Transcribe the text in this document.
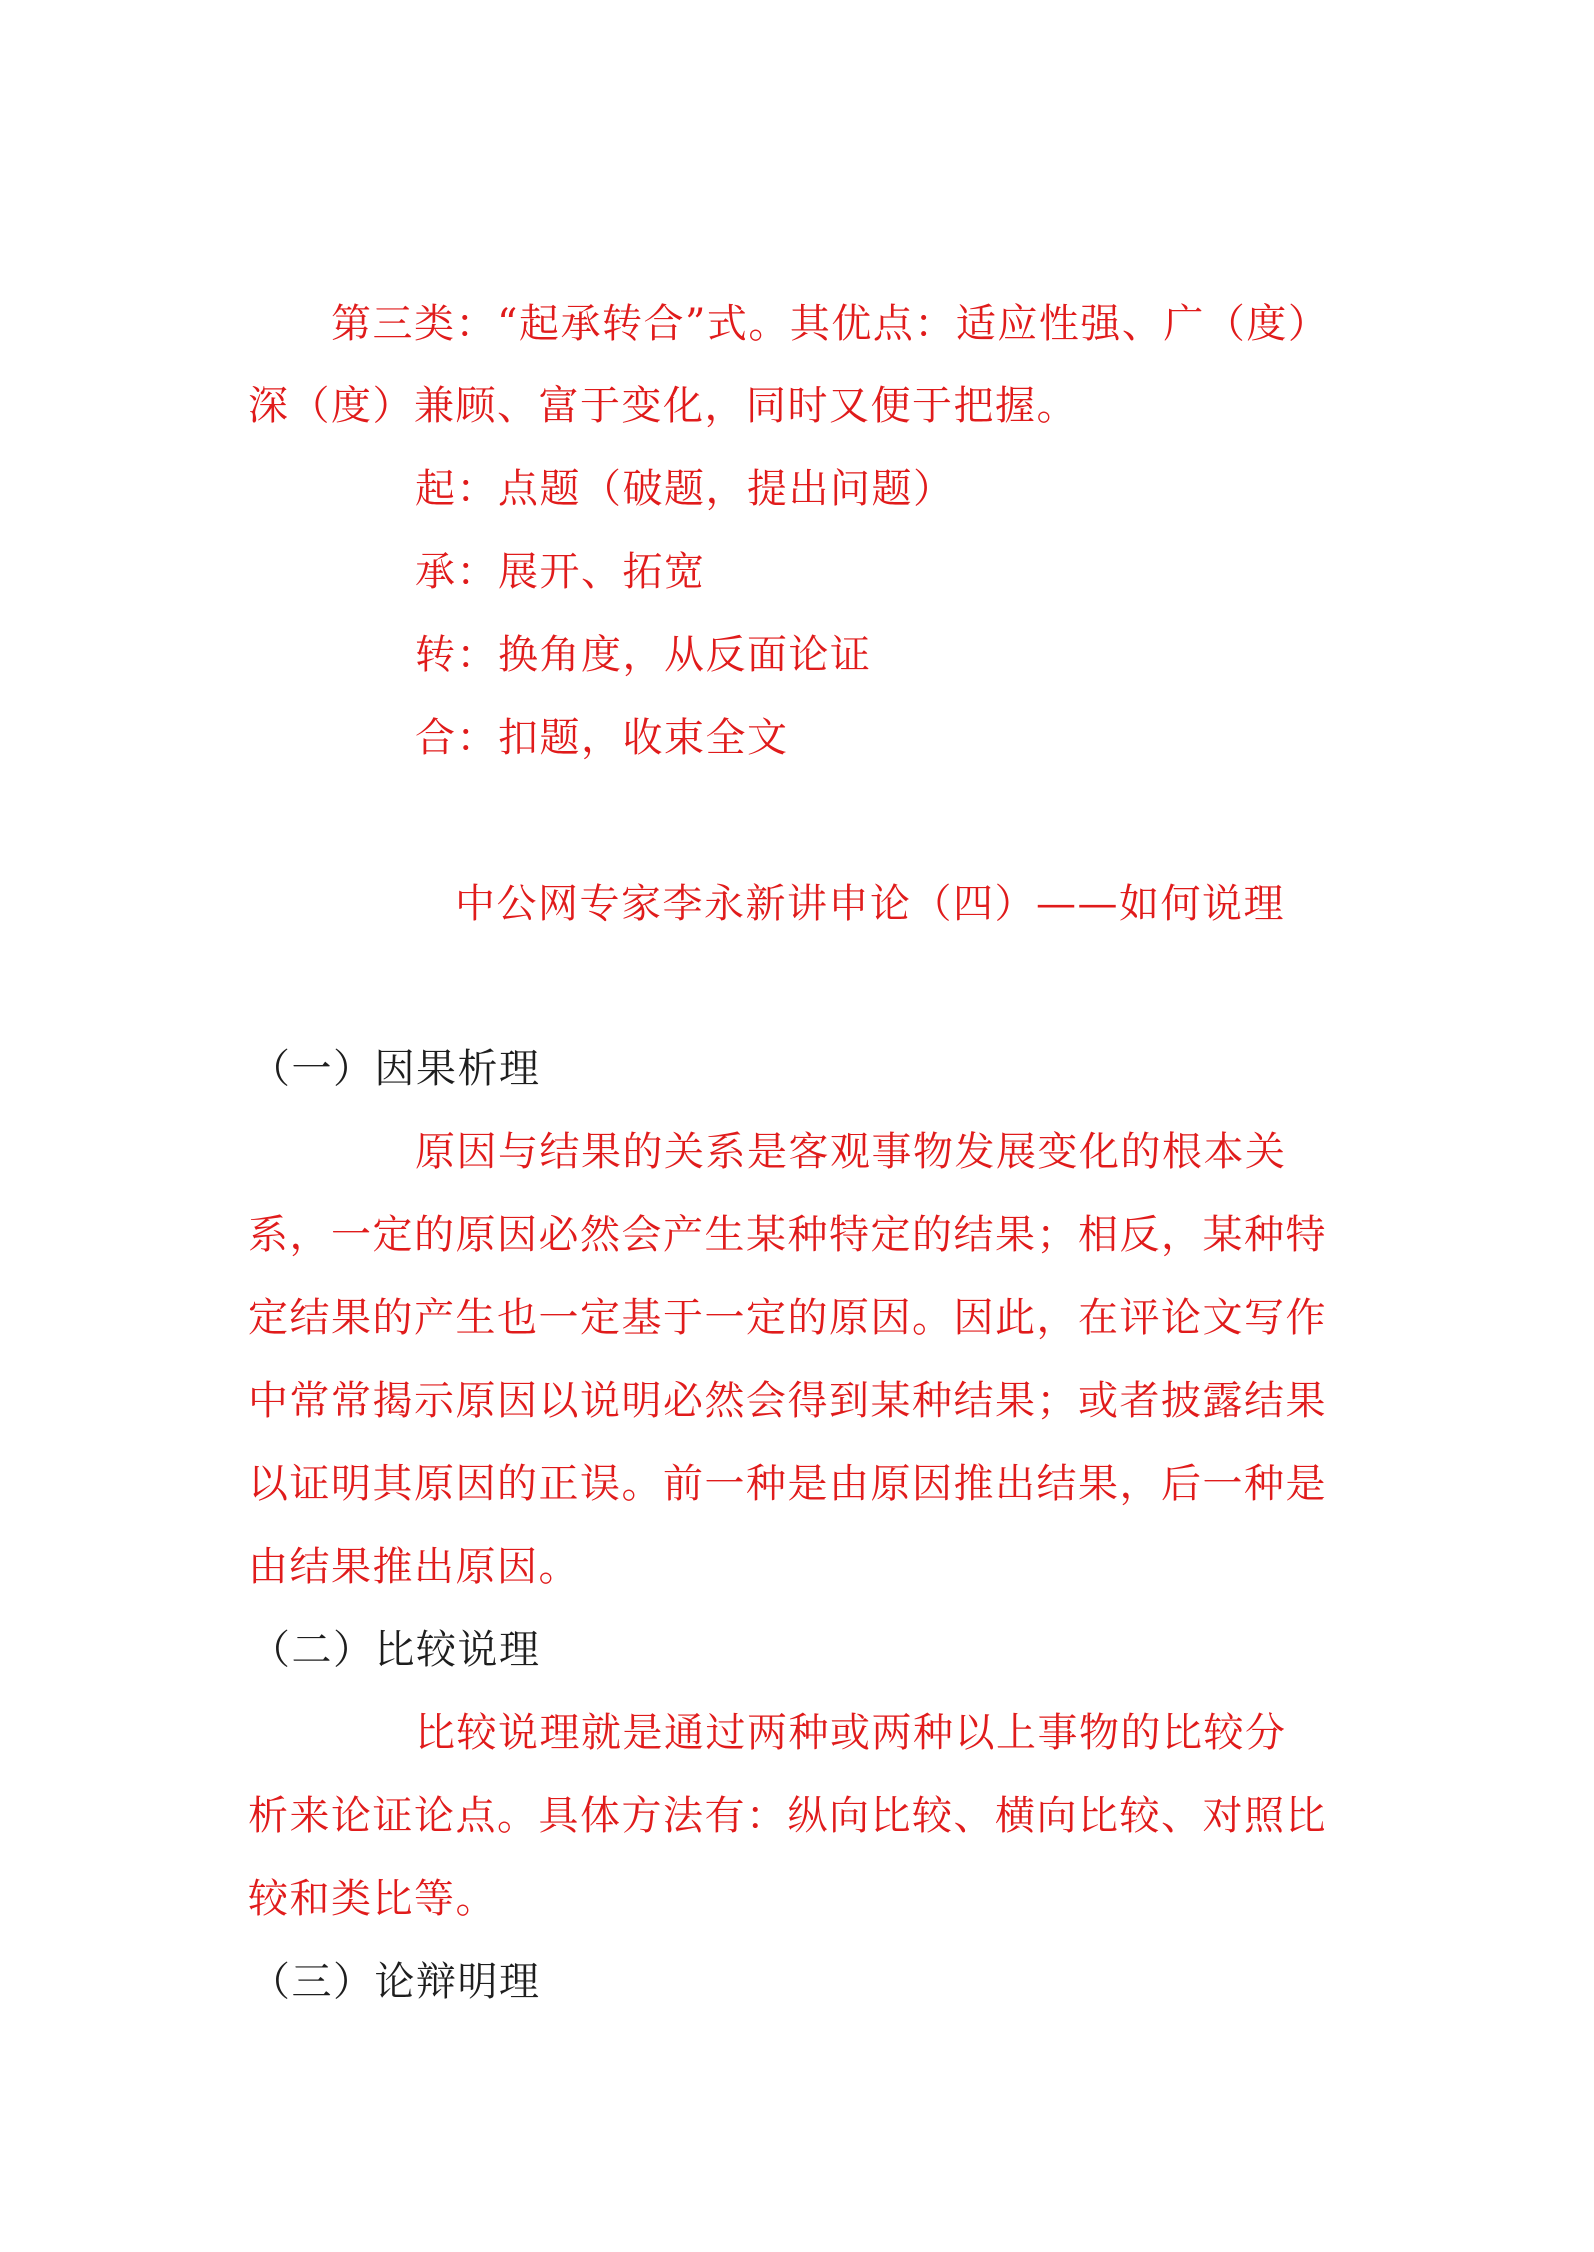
第三类：“起承转合”式。其优点：适应性强、广（度）

深（度）兼顾、富于变化，同时又便于把握。

起：点题（破题，提出问题）

承：展开、拓宽

转：换角度，从反面论证

合：扣题，收束全文

中公网专家李永新讲申论（四）——如何说理

（一）因果析理

原因与结果的关系是客观事物发展变化的根本关

系，一定的原因必然会产生某种特定的结果；相反，某种特

定结果的产生也一定基于一定的原因。因此，在评论文写作

中常常揭示原因以说明必然会得到某种结果；或者披露结果

以证明其原因的正误。前一种是由原因推出结果，后一种是

由结果推出原因。

（二）比较说理

比较说理就是通过两种或两种以上事物的比较分

析来论证论点。具体方法有：纵向比较、横向比较、对照比

较和类比等。

（三）论辩明理
